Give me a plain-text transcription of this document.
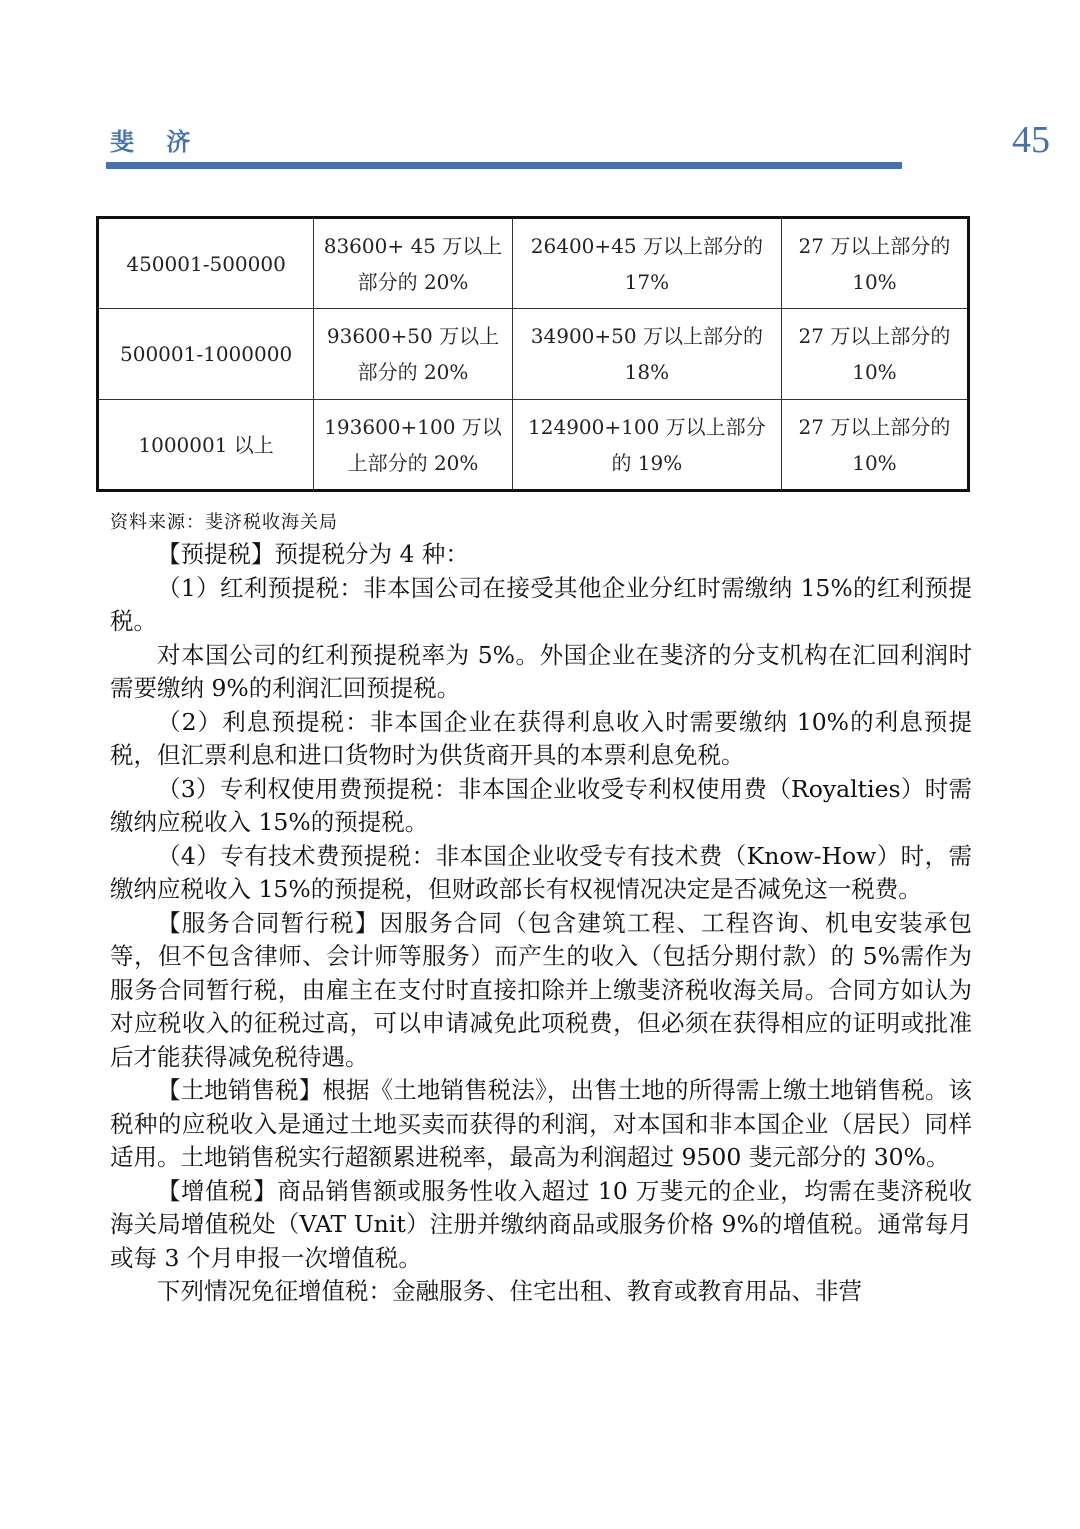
斐 济	45
450001-500000	83600+ 45 万以上部分的 20%	26400+45 万以上部分的 17%	27 万以上部分的 10%
500001-1000000	93600+50 万以上部分的 20%	34900+50 万以上部分的 18%	27 万以上部分的 10%
1000001 以上	193600+100 万以上部分的 20%	124900+100 万以上部分的 19%	27 万以上部分的 10%
资料来源：斐济税收海关局

【预提税】预提税分为 4 种：

（1）红利预提税：非本国公司在接受其他企业分红时需缴纳 15%的红利预提税。

对本国公司的红利预提税率为 5%。外国企业在斐济的分支机构在汇回利润时需要缴纳 9%的利润汇回预提税。

（2）利息预提税：非本国企业在获得利息收入时需要缴纳 10%的利息预提税，但汇票利息和进口货物时为供货商开具的本票利息免税。

（3）专利权使用费预提税：非本国企业收受专利权使用费（Royalties）时需缴纳应税收入 15%的预提税。

（4）专有技术费预提税：非本国企业收受专有技术费（Know-How）时，需缴纳应税收入 15%的预提税，但财政部长有权视情况决定是否减免这一税费。

【服务合同暂行税】因服务合同（包含建筑工程、工程咨询、机电安装承包等，但不包含律师、会计师等服务）而产生的收入（包括分期付款）的 5%需作为服务合同暂行税，由雇主在支付时直接扣除并上缴斐济税收海关局。合同方如认为对应税收入的征税过高，可以申请减免此项税费，但必须在获得相应的证明或批准后才能获得减免税待遇。

【土地销售税】根据《土地销售税法》，出售土地的所得需上缴土地销售税。该税种的应税收入是通过土地买卖而获得的利润，对本国和非本国企业（居民）同样适用。土地销售税实行超额累进税率，最高为利润超过 9500 斐元部分的 30%。

【增值税】商品销售额或服务性收入超过 10 万斐元的企业，均需在斐济税收海关局增值税处（VAT Unit）注册并缴纳商品或服务价格 9%的增值税。通常每月或每 3 个月申报一次增值税。

下列情况免征增值税：金融服务、住宅出租、教育或教育用品、非营
